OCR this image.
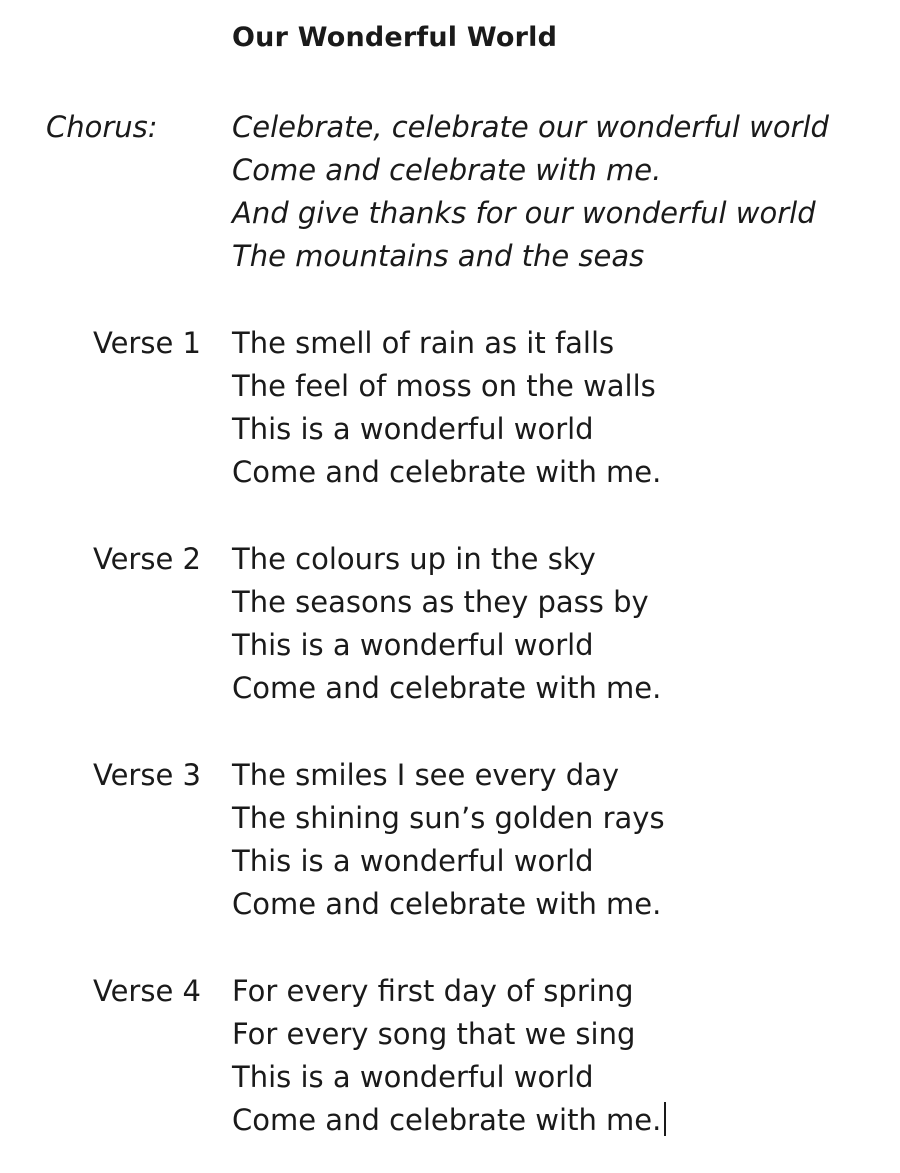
Our Wonderful World
Chorus:	Celebrate, celebrate our wonderful world
Come and celebrate with me.
And give thanks for our wonderful world
The mountains and the seas
Verse 1 The smell of rain as it falls
The feel of moss on the walls
This is a wonderful world
Come and celebrate with me.
Verse 2 The colours up in the sky
The seasons as they pass by
This is a wonderful world
Come and celebrate with me.
Verse 3 The smiles I see every day
The shining sun’s golden rays
This is a wonderful world
Come and celebrate with me.
Verse 4 For every first day of spring
For every song that we sing
This is a wonderful world
Come and celebrate with me.
